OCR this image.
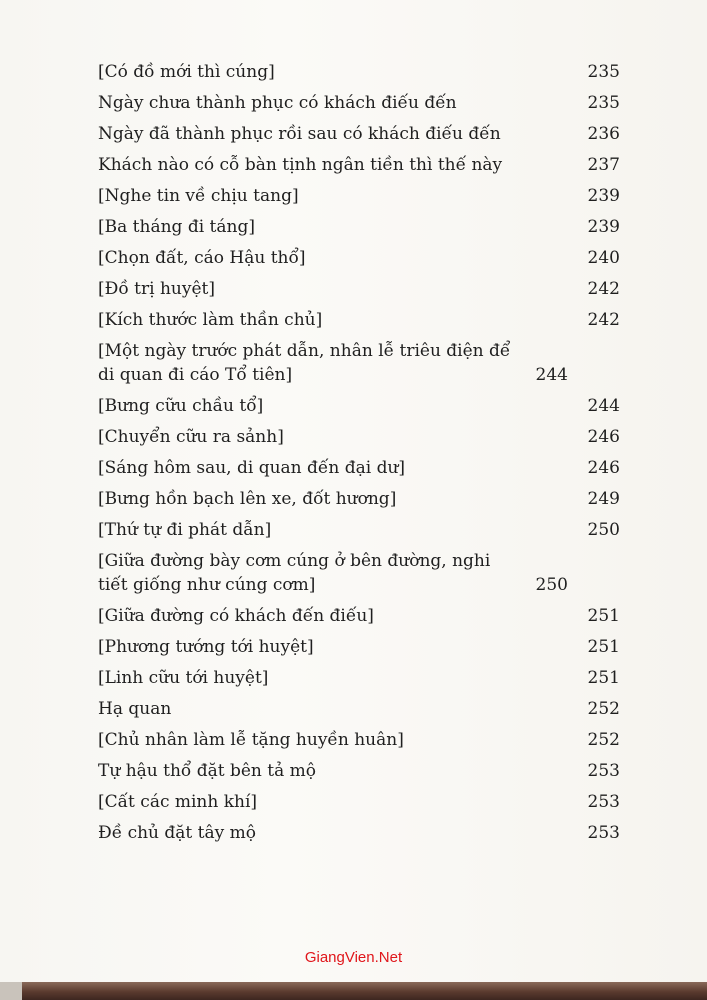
[Có đồ mới thì cúng]	235
Ngày chưa thành phục có khách điếu đến	235
Ngày đã thành phục rồi sau có khách điếu đến	236
Khách nào có cỗ bàn tịnh ngân tiền thì thế này	237
[Nghe tin về chịu tang]	239
[Ba tháng đi táng]	239
[Chọn đất, cáo Hậu thổ]	240
[Đồ trị huyệt]	242
[Kích thước làm thần chủ]	242
[Một ngày trước phát dẫn, nhân lễ triêu điện để di quan đi cáo Tổ tiên]	244
[Bưng cữu chầu tổ]	244
[Chuyển cữu ra sảnh]	246
[Sáng hôm sau, di quan đến đại dư]	246
[Bưng hồn bạch lên xe, đốt hương]	249
[Thứ tự đi phát dẫn]	250
[Giữa đường bày cơm cúng ở bên đường, nghi tiết giống như cúng cơm]	250
[Giữa đường có khách đến điếu]	251
[Phương tướng tới huyệt]	251
[Linh cữu tới huyệt]	251
Hạ quan	252
[Chủ nhân làm lễ tặng huyền huân]	252
Tự hậu thổ đặt bên tả mộ	253
[Cất các minh khí]	253
Đề chủ đặt tây mộ	253
GiangVien.Net
